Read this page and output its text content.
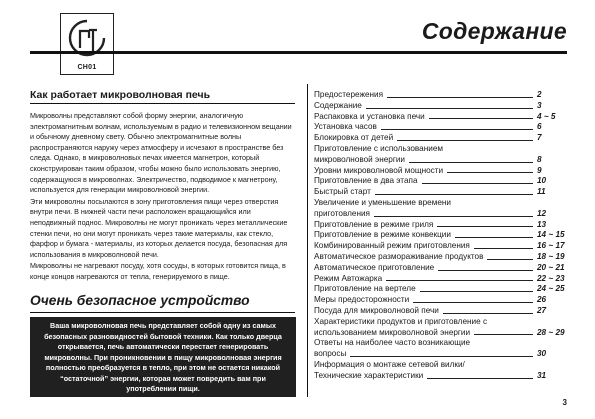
CH01
Содержание
Как работает микроволновая печь

Микроволны представляют собой форму энергии, аналогичную электромагнитным волнам, используемым в радио и телевизионном вещании и обычному дневному свету. Обычно электромагнитные волны распространяются наружу через атмосферу и исчезают в пространстве без следа. Однако, в микроволновых печах имеется магнетрон, который сконструирован таким образом, чтобы можно было использовать энергию, содержащуюся в микроволнах. Электричество, подводимое к магнетрону, используется для генерации микроволновой энергии.

Эти микроволны посылаются в зону приготовления пищи через отверстия внутри печи. В нижней части печи расположен вращающийся или неподвижный поднос. Микроволны не могут проникать через металлические стенки печи, но они могут проникать через такие материалы, как стекло, фарфор и бумага - материалы, из которых делается посуда, безопасная для использования в микроволновой печи.

Микроволны не нагревают посуду, хотя сосуды, в которых готовится пища, в конце концов нагреваются от тепла, генерируемого в пище.

Очень безопасное устройство
Ваша микроволновая печь представляет собой одну из самых безопасных разновидностей бытовой техники. Как только дверца открывается, печь автоматически перестает генерировать микроволны. При проникновении в пищу микроволновая энергия полностью преобразуется в тепло, при этом не остается никакой “остаточной” энергии, которая может повредить вам при употреблении пищи.
Предостережения	2
Содержание	3
Распаковка и установка печи	4 ~ 5
Установка часов	6
Блокировка от детей	7
Приготовление с использованием
микроволновой энергии	8
Уровни микроволновой мощности	9
Приготовление в два этапа	10
Быстрый старт	11
Увеличение и уменьшение времени
приготовления	12
Приготовление в режиме гриля	13
Приготовление в режиме конвекции	14 ~ 15
Комбинированный режим приготовления	16 ~ 17
Автоматическое размораживание продуктов	18 ~ 19
Автоматическое приготовление	20 ~ 21
Режим Автожарка	22 ~ 23
Приготовление на вертеле	24 ~ 25
Меры предосторожности	26
Посуда для микроволновой печи	27
Характеристики продуктов и приготовление с
использованием микроволновой энергии	28 ~ 29
Ответы на наиболее часто возникающие
вопросы	30
Информация о монтаже сетевой вилки/
Технические характеристики	31
3
